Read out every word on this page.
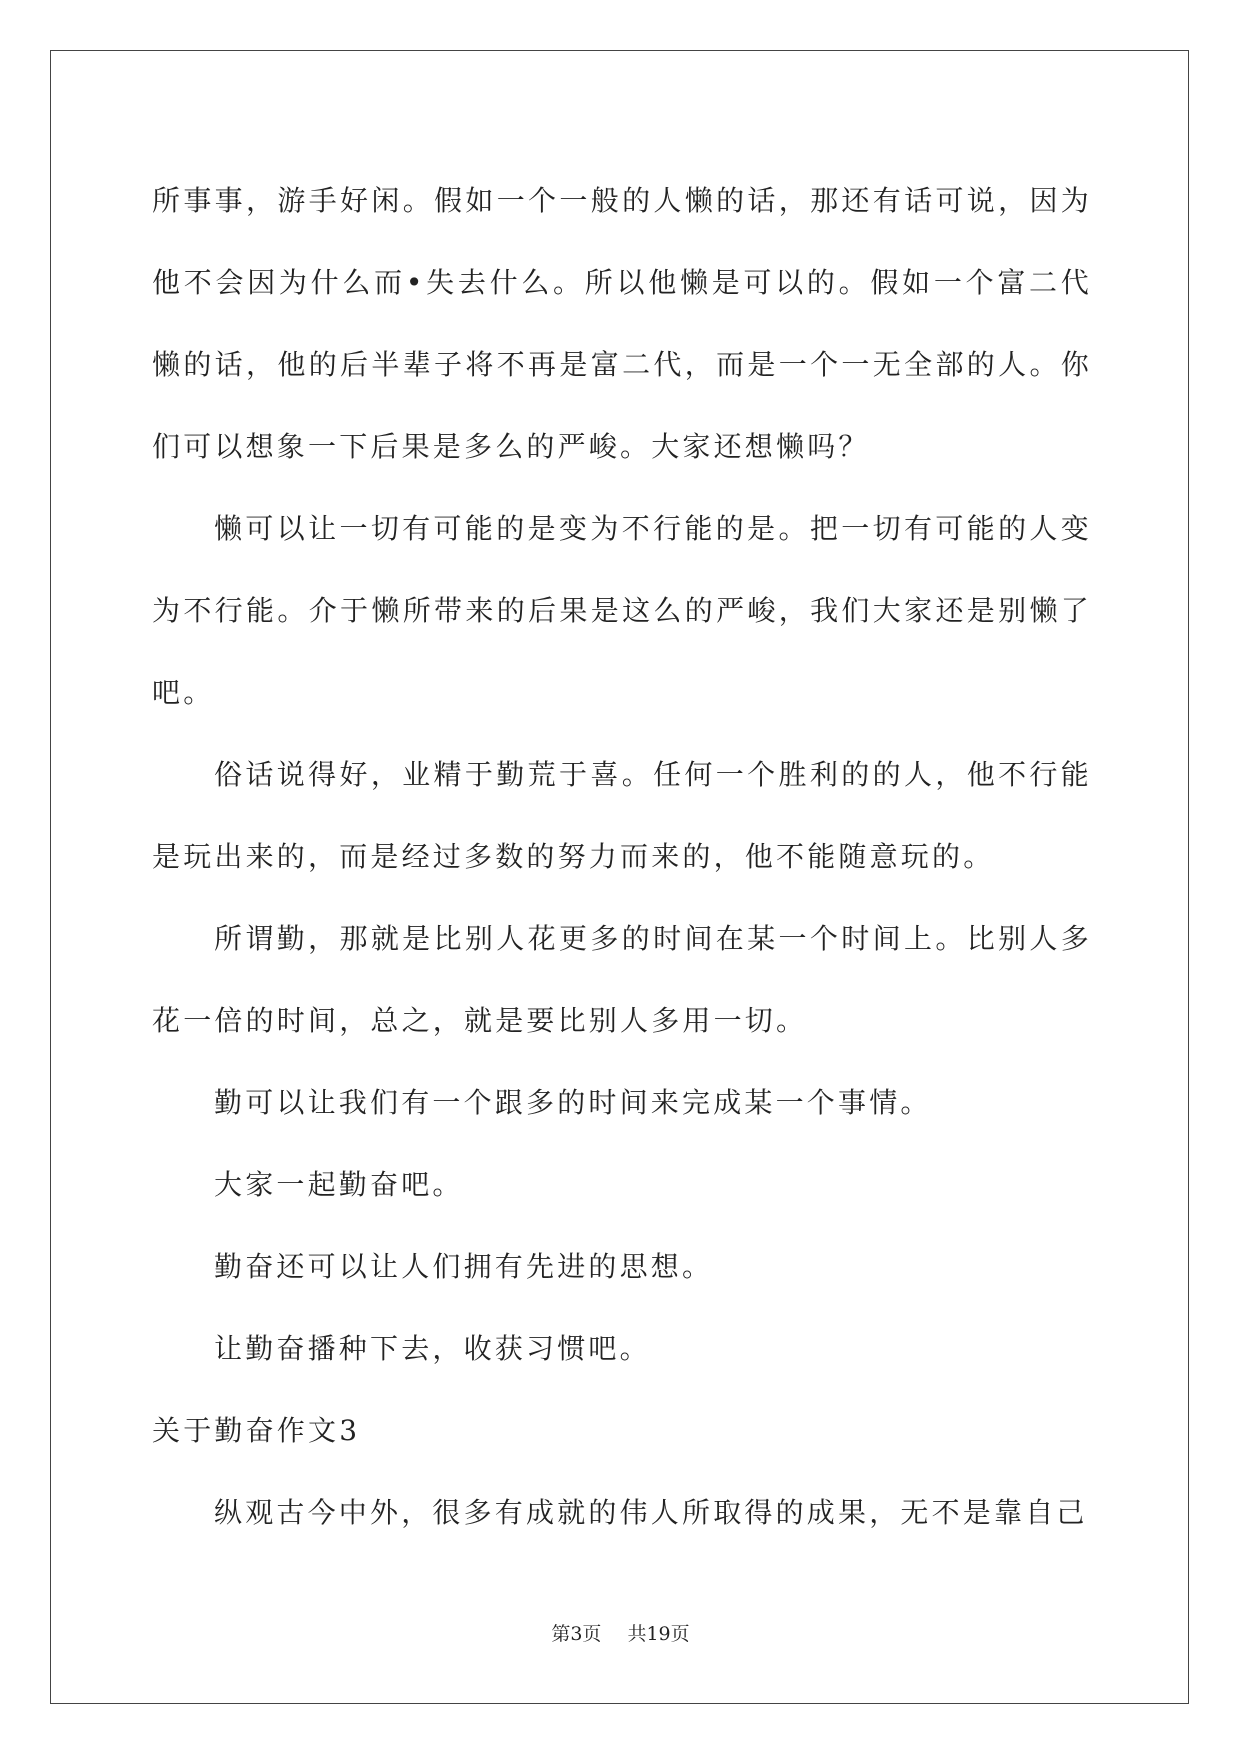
所事事，游手好闲。假如一个一般的人懒的话，那还有话可说，因为他不会因为什么而•失去什么。所以他懒是可以的。假如一个富二代懒的话，他的后半辈子将不再是富二代，而是一个一无全部的人。你们可以想象一下后果是多么的严峻。大家还想懒吗？

懒可以让一切有可能的是变为不行能的是。把一切有可能的人变为不行能。介于懒所带来的后果是这么的严峻，我们大家还是别懒了吧。

俗话说得好，业精于勤荒于喜。任何一个胜利的的人，他不行能是玩出来的，而是经过多数的努力而来的，他不能随意玩的。

所谓勤，那就是比别人花更多的时间在某一个时间上。比别人多花一倍的时间，总之，就是要比别人多用一切。

勤可以让我们有一个跟多的时间来完成某一个事情。

大家一起勤奋吧。

勤奋还可以让人们拥有先进的思想。

让勤奋播种下去，收获习惯吧。

关于勤奋作文3

纵观古今中外，很多有成就的伟人所取得的成果，无不是靠自己

第3页 共19页
